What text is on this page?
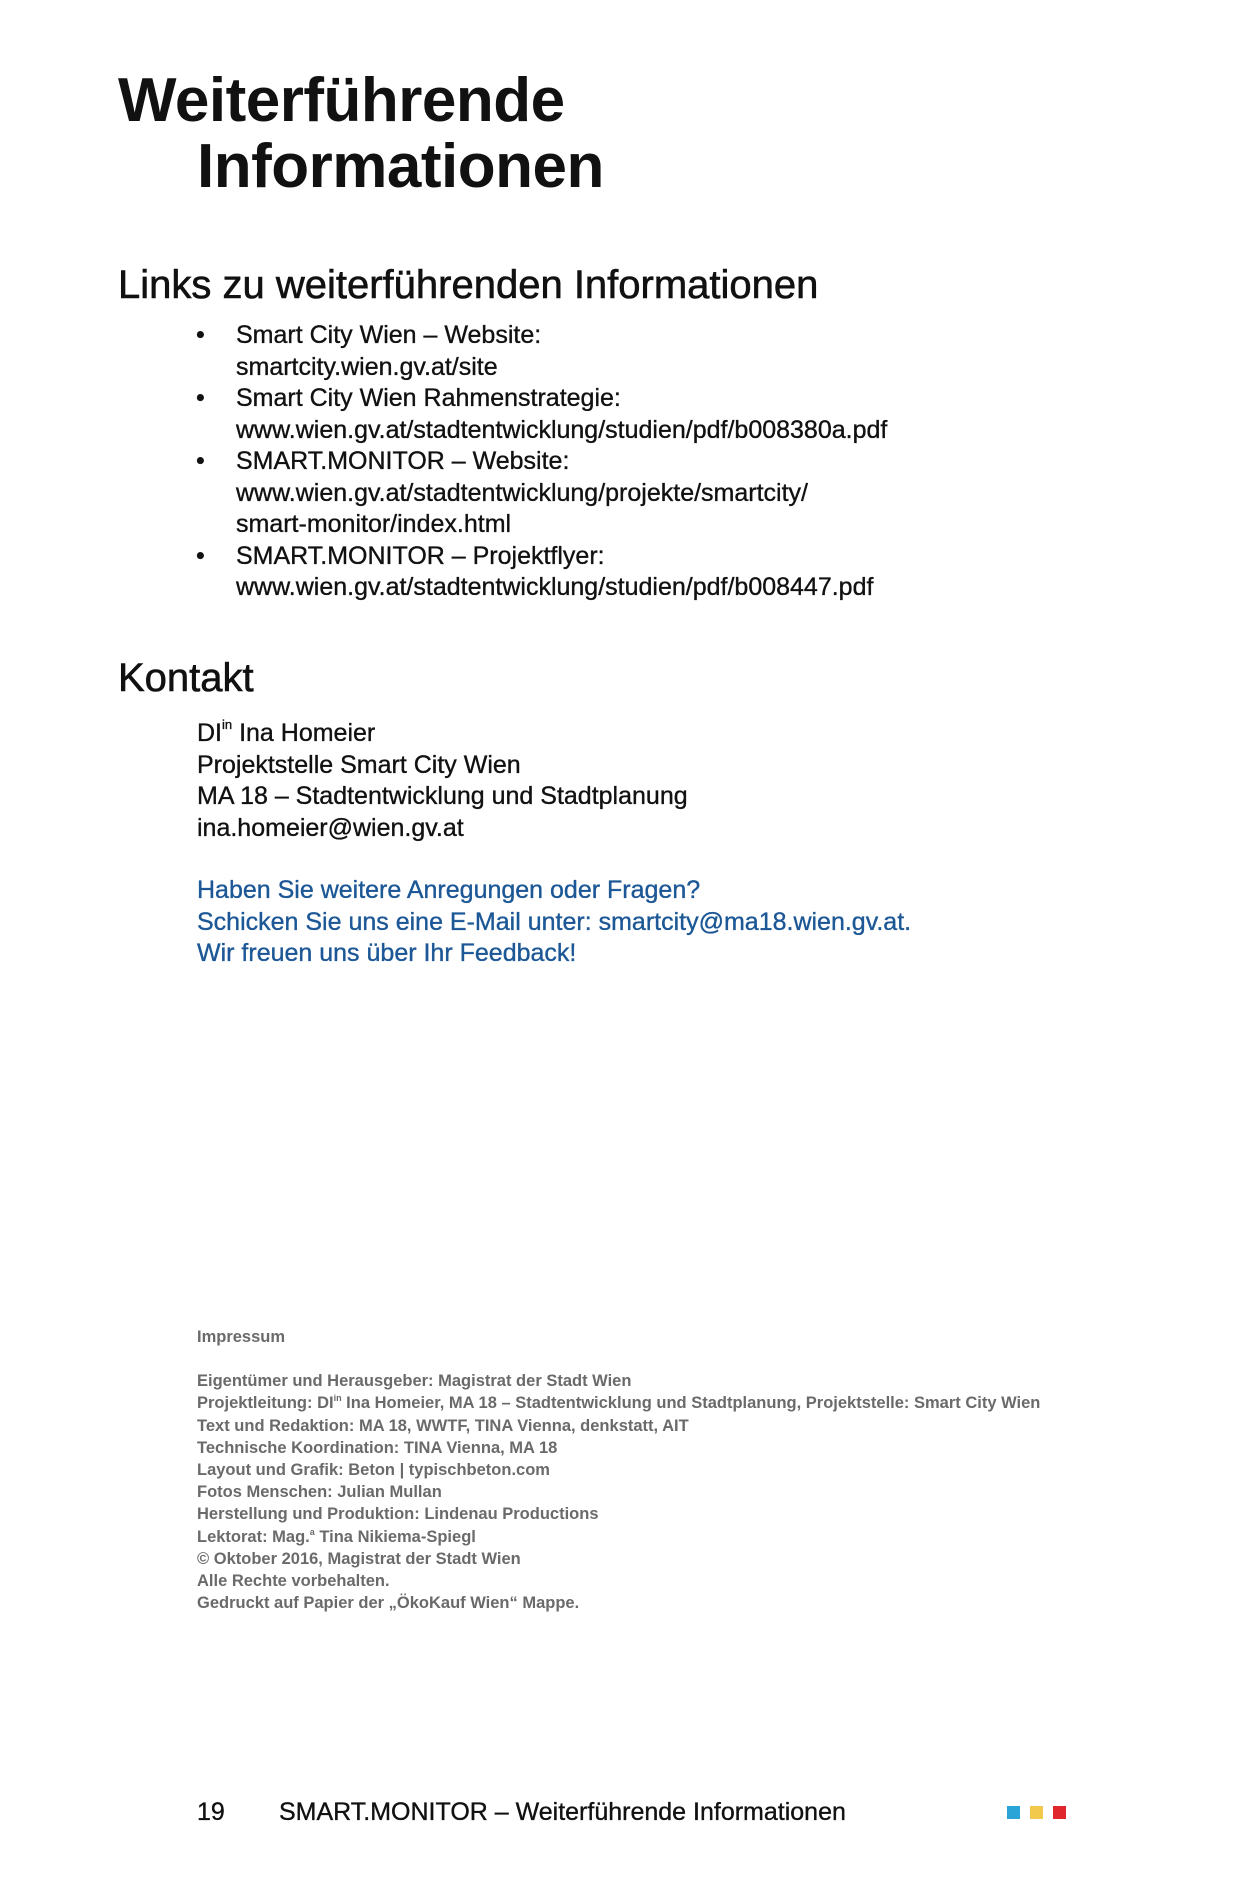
Weiterführende
Informationen
Links zu weiterführenden Informationen
• Smart City Wien – Website:
smartcity.wien.gv.at/site
• Smart City Wien Rahmenstrategie:
www.wien.gv.at/stadtentwicklung/studien/pdf/b008380a.pdf
• SMART.MONITOR – Website:
www.wien.gv.at/stadtentwicklung/projekte/smartcity/
smart-monitor/index.html
• SMART.MONITOR – Projektflyer:
www.wien.gv.at/stadtentwicklung/studien/pdf/b008447.pdf
Kontakt
$DI^{in}$ Ina Homeier
Projektstelle Smart City Wien
MA 18 – Stadtentwicklung und Stadtplanung
ina.homeier@wien.gv.at
Haben Sie weitere Anregungen oder Fragen?
Schicken Sie uns eine E-Mail unter: smartcity@ma18.wien.gv.at.
Wir freuen uns über Ihr Feedback!
Impressum
Eigentümer und Herausgeber: Magistrat der Stadt Wien
Projektleitung: $DI^{in}$ Ina Homeier, MA 18 – Stadtentwicklung und Stadtplanung, Projektstelle: Smart City Wien
Text und Redaktion: MA 18, WWTF, TINA Vienna, denkstatt, AIT
Technische Koordination: TINA Vienna, MA 18
Layout und Grafik: Beton | typischbeton.com
Fotos Menschen: Julian Mullan
Herstellung und Produktion: Lindenau Productions
Lektorat: Mag.$^a$ Tina Nikiema-Spiegl
© Oktober 2016, Magistrat der Stadt Wien
Alle Rechte vorbehalten.
Gedruckt auf Papier der „ÖkoKauf Wien“ Mappe.
19 SMART.MONITOR – Weiterführende Informationen
